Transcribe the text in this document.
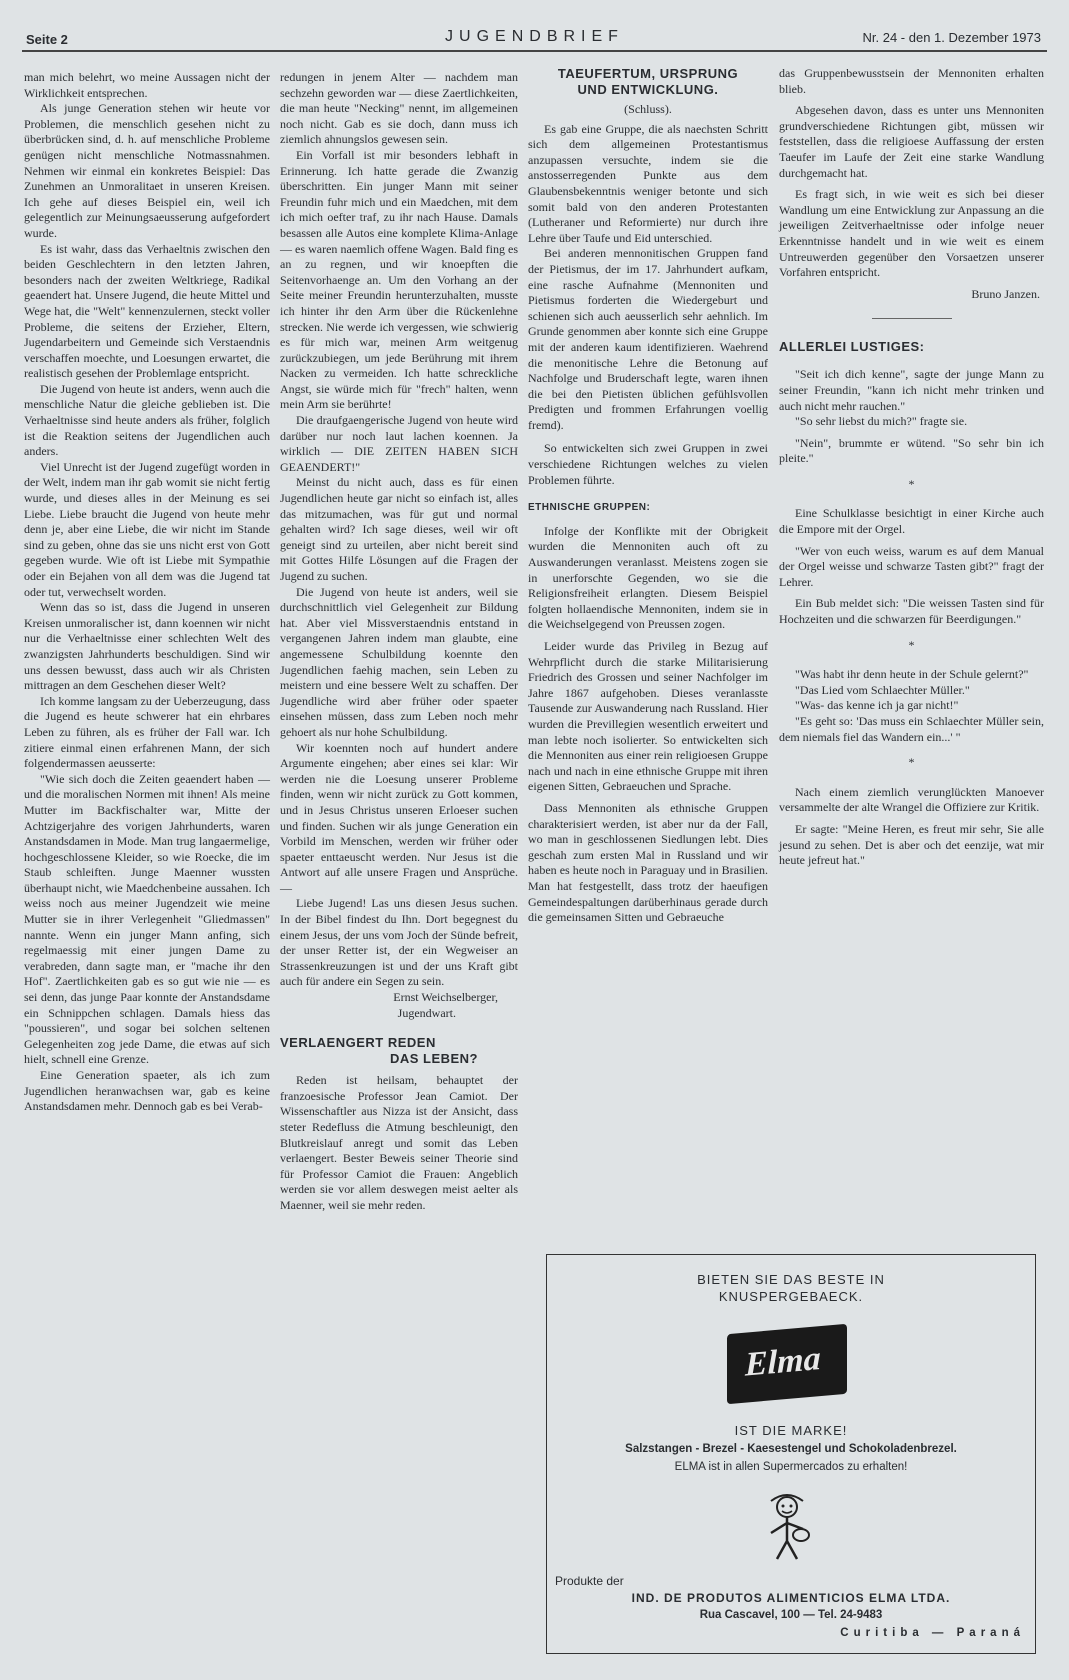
Seite 2	JUGENDBRIEF	Nr. 24 - den 1. Dezember 1973

man mich belehrt, wo meine Aussagen nicht der Wirklichkeit entsprechen.

Als junge Generation stehen wir heute vor Problemen, die menschlich gesehen nicht zu überbrücken sind, d. h. auf menschliche Probleme genügen nicht menschliche Notmassnahmen. Nehmen wir einmal ein konkretes Beispiel: Das Zunehmen an Unmoralitaet in unseren Kreisen. Ich gehe auf dieses Beispiel ein, weil ich gelegentlich zur Meinungsaeusserung aufgefordert wurde.

Es ist wahr, dass das Verhaeltnis zwischen den beiden Geschlechtern in den letzten Jahren, besonders nach der zweiten Weltkriege, Radikal geaendert hat. Unsere Jugend, die heute Mittel und Wege hat, die "Welt" kennenzulernen, steckt voller Probleme, die seitens der Erzieher, Eltern, Jugendarbeitern und Gemeinde sich Verstaendnis verschaffen moechte, und Loesungen erwartet, die realistisch gesehen der Problemlage entspricht.

Die Jugend von heute ist anders, wenn auch die menschliche Natur die gleiche geblieben ist. Die Verhaeltnisse sind heute anders als früher, folglich ist die Reaktion seitens der Jugendlichen auch anders.

Viel Unrecht ist der Jugend zugefügt worden in der Welt, indem man ihr gab womit sie nicht fertig wurde, und dieses alles in der Meinung es sei Liebe. Liebe braucht die Jugend von heute mehr denn je, aber eine Liebe, die wir nicht im Stande sind zu geben, ohne das sie uns nicht erst von Gott gegeben wurde. Wie oft ist Liebe mit Sympathie oder ein Bejahen von all dem was die Jugend tat oder tut, verwechselt worden.

Wenn das so ist, dass die Jugend in unseren Kreisen unmoralischer ist, dann koennen wir nicht nur die Verhaeltnisse einer schlechten Welt des zwanzigsten Jahrhunderts beschuldigen. Sind wir uns dessen bewusst, dass auch wir als Christen mittragen an dem Geschehen dieser Welt?

Ich komme langsam zu der Ueberzeugung, dass die Jugend es heute schwerer hat ein ehrbares Leben zu führen, als es früher der Fall war. Ich zitiere einmal einen erfahrenen Mann, der sich folgendermassen aeusserte:

"Wie sich doch die Zeiten geaendert haben — und die moralischen Normen mit ihnen! Als meine Mutter im Backfischalter war, Mitte der Achtzigerjahre des vorigen Jahrhunderts, waren Anstandsdamen in Mode. Man trug langaermelige, hochgeschlossene Kleider, so wie Roecke, die im Staub schleiften. Junge Maenner wussten überhaupt nicht, wie Maedchenbeine aussahen. Ich weiss noch aus meiner Jugendzeit wie meine Mutter sie in ihrer Verlegenheit "Gliedmassen" nannte. Wenn ein junger Mann anfing, sich regelmaessig mit einer jungen Dame zu verabreden, dann sagte man, er "mache ihr den Hof". Zaertlichkeiten gab es so gut wie nie — es sei denn, das junge Paar konnte der Anstandsdame ein Schnippchen schlagen. Damals hiess das "poussieren", und sogar bei solchen seltenen Gelegenheiten zog jede Dame, die etwas auf sich hielt, schnell eine Grenze.

Eine Generation spaeter, als ich zum Jugendlichen heranwachsen war, gab es keine Anstandsdamen mehr. Dennoch gab es bei Verab-

redungen in jenem Alter — nachdem man sechzehn geworden war — diese Zaertlichkeiten, die man heute "Necking" nennt, im allgemeinen noch nicht. Gab es sie doch, dann muss ich ziemlich ahnungslos gewesen sein.

Ein Vorfall ist mir besonders lebhaft in Erinnerung. Ich hatte gerade die Zwanzig überschritten. Ein junger Mann mit seiner Freundin fuhr mich und ein Maedchen, mit dem ich mich oefter traf, zu ihr nach Hause. Damals besassen alle Autos eine komplete Klima-Anlage — es waren naemlich offene Wagen. Bald fing es an zu regnen, und wir knoepften die Seitenvorhaenge an. Um den Vorhang an der Seite meiner Freundin herunterzuhalten, musste ich hinter ihr den Arm über die Rückenlehne strecken. Nie werde ich vergessen, wie schwierig es für mich war, meinen Arm weitgenug zurückzubiegen, um jede Berührung mit ihrem Nacken zu vermeiden. Ich hatte schreckliche Angst, sie würde mich für "frech" halten, wenn mein Arm sie berührte!

Die draufgaengerische Jugend von heute wird darüber nur noch laut lachen koennen. Ja wirklich — DIE ZEITEN HABEN SICH GEAENDERT!"

Meinst du nicht auch, dass es für einen Jugendlichen heute gar nicht so einfach ist, alles das mitzumachen, was für gut und normal gehalten wird? Ich sage dieses, weil wir oft geneigt sind zu urteilen, aber nicht bereit sind mit Gottes Hilfe Lösungen auf die Fragen der Jugend zu suchen.

Die Jugend von heute ist anders, weil sie durchschnittlich viel Gelegenheit zur Bildung hat. Aber viel Missverstaendnis entstand in vergangenen Jahren indem man glaubte, eine angemessene Schulbildung koennte den Jugendlichen faehig machen, sein Leben zu meistern und eine bessere Welt zu schaffen. Der Jugendliche wird aber früher oder spaeter einsehen müssen, dass zum Leben noch mehr gehoert als nur hohe Schulbildung.

Wir koennten noch auf hundert andere Argumente eingehen; aber eines sei klar: Wir werden nie die Loesung unserer Probleme finden, wenn wir nicht zurück zu Gott kommen, und in Jesus Christus unseren Erloeser suchen und finden. Suchen wir als junge Generation ein Vorbild im Menschen, werden wir früher oder spaeter enttaeuscht werden. Nur Jesus ist die Antwort auf alle unsere Fragen und Ansprüche. —

Liebe Jugend! Las uns diesen Jesus suchen. In der Bibel findest du Ihn. Dort begegnest du einem Jesus, der uns vom Joch der Sünde befreit, der unser Retter ist, der ein Wegweiser an Strassenkreuzungen ist und der uns Kraft gibt auch für andere ein Segen zu sein.

Ernst Weichselberger,
Jugendwart.
VERLAENGERT REDEN
DAS LEBEN?

Reden ist heilsam, behauptet der franzoesische Professor Jean Camiot. Der Wissenschaftler aus Nizza ist der Ansicht, dass steter Redefluss die Atmung beschleunigt, den Blutkreislauf anregt und somit das Leben verlaengert. Bester Beweis seiner Theorie sind für Professor Camiot die Frauen: Angeblich werden sie vor allem deswegen meist aelter als Maenner, weil sie mehr reden.

TAEUFERTUM, URSPRUNG
UND ENTWICKLUNG.
(Schluss).

Es gab eine Gruppe, die als naechsten Schritt sich dem allgemeinen Protestantismus anzupassen versuchte, indem sie die anstosserregenden Punkte aus dem Glaubensbekenntnis weniger betonte und sich somit bald von den anderen Protestanten (Lutheraner und Reformierte) nur durch ihre Lehre über Taufe und Eid unterschied.

Bei anderen mennonitischen Gruppen fand der Pietismus, der im 17. Jahrhundert aufkam, eine rasche Aufnahme (Mennoniten und Pietismus forderten die Wiedergeburt und schienen sich auch aeusserlich sehr aehnlich. Im Grunde genommen aber konnte sich eine Gruppe mit der anderen kaum identifizieren. Waehrend die menonitische Lehre die Betonung auf Nachfolge und Bruderschaft legte, waren ihnen die bei den Pietisten üblichen gefühlsvollen Predigten und frommen Erfahrungen voellig fremd).

So entwickelten sich zwei Gruppen in zwei verschiedene Richtungen welches zu vielen Problemen führte.

ETHNISCHE GRUPPEN:

Infolge der Konflikte mit der Obrigkeit wurden die Mennoniten auch oft zu Auswanderungen veranlasst. Meistens zogen sie in unerforschte Gegenden, wo sie die Religionsfreiheit erlangten. Diesem Beispiel folgten hollaendische Mennoniten, indem sie in die Weichselgegend von Preussen zogen.

Leider wurde das Privileg in Bezug auf Wehrpflicht durch die starke Militarisierung Friedrich des Grossen und seiner Nachfolger im Jahre 1867 aufgehoben. Dieses veranlasste Tausende zur Auswanderung nach Russland. Hier wurden die Previllegien wesentlich erweitert und man lebte noch isolierter. So entwickelten sich die Mennoniten aus einer rein religioesen Gruppe nach und nach in eine ethnische Gruppe mit ihren eigenen Sitten, Gebraeuchen und Sprache.

Dass Mennoniten als ethnische Gruppen charakterisiert werden, ist aber nur da der Fall, wo man in geschlossenen Siedlungen lebt. Dies geschah zum ersten Mal in Russland und wir haben es heute noch in Paraguay und in Brasilien. Man hat festgestellt, dass trotz der haeufigen Gemeindespaltungen darüberhinaus gerade durch die gemeinsamen Sitten und Gebraeuche

das Gruppenbewusstsein der Mennoniten erhalten blieb.

Abgesehen davon, dass es unter uns Mennoniten grundverschiedene Richtungen gibt, müssen wir feststellen, dass die religioese Auffassung der ersten Taeufer im Laufe der Zeit eine starke Wandlung durchgemacht hat.

Es fragt sich, in wie weit es sich bei dieser Wandlung um eine Entwicklung zur Anpassung an die jeweiligen Zeitverhaeltnisse oder infolge neuer Erkenntnisse handelt und in wie weit es einem Untreuwerden gegenüber den Vorsaetzen unserer Vorfahren entspricht.

Bruno Janzen.
ALLERLEI LUSTIGES:

"Seit ich dich kenne", sagte der junge Mann zu seiner Freundin, "kann ich nicht mehr trinken und auch nicht mehr rauchen."

"So sehr liebst du mich?" fragte sie.

"Nein", brummte er wütend. "So sehr bin ich pleite."

*

Eine Schulklasse besichtigt in einer Kirche auch die Empore mit der Orgel.

"Wer von euch weiss, warum es auf dem Manual der Orgel weisse und schwarze Tasten gibt?" fragt der Lehrer.

Ein Bub meldet sich: "Die weissen Tasten sind für Hochzeiten und die schwarzen für Beerdigungen."

*

"Was habt ihr denn heute in der Schule gelernt?"

"Das Lied vom Schlaechter Müller."

"Was- das kenne ich ja gar nicht!"

"Es geht so: 'Das muss ein Schlaechter Müller sein, dem niemals fiel das Wandern ein...' "

*

Nach einem ziemlich verunglückten Manoever versammelte der alte Wrangel die Offiziere zur Kritik.

Er sagte: "Meine Heren, es freut mir sehr, Sie alle jesund zu sehen. Det is aber och det eenzije, wat mir heute jefreut hat."

BIETEN SIE DAS BESTE IN
KNUSPERGEBAECK.
Elma
IST DIE MARKE!
Salzstangen - Brezel - Kaesestengel und Schokoladenbrezel.
ELMA ist in allen Supermercados zu erhalten!
Produkte der
IND. DE PRODUTOS ALIMENTICIOS ELMA LTDA.
Rua Cascavel, 100 — Tel. 24-9483
Curitiba — Paraná
